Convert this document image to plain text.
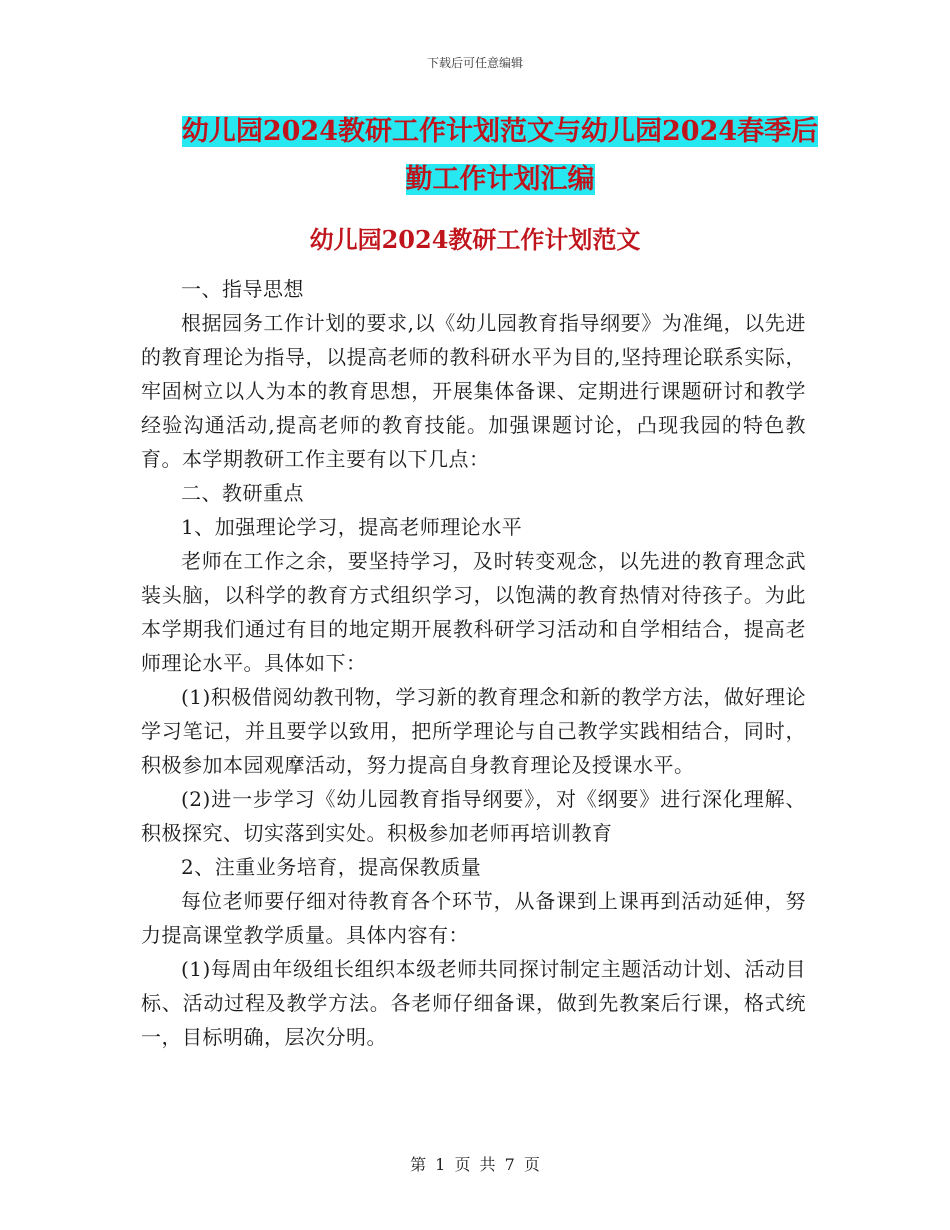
下载后可任意编辑
幼儿园2024教研工作计划范文与幼儿园2024春季后
勤工作计划汇编
幼儿园2024教研工作计划范文

一、指导思想

根据园务工作计划的要求,以《幼儿园教育指导纲要》为准绳，以先进的教育理论为指导，以提高老师的教科研水平为目的,坚持理论联系实际，牢固树立以人为本的教育思想，开展集体备课、定期进行课题研讨和教学经验沟通活动,提高老师的教育技能。加强课题讨论，凸现我园的特色教育。本学期教研工作主要有以下几点：

二、教研重点

1、加强理论学习，提高老师理论水平

老师在工作之余，要坚持学习，及时转变观念，以先进的教育理念武装头脑，以科学的教育方式组织学习，以饱满的教育热情对待孩子。为此本学期我们通过有目的地定期开展教科研学习活动和自学相结合，提高老师理论水平。具体如下：

(1)积极借阅幼教刊物，学习新的教育理念和新的教学方法，做好理论学习笔记，并且要学以致用，把所学理论与自己教学实践相结合，同时，积极参加本园观摩活动，努力提高自身教育理论及授课水平。

(2)进一步学习《幼儿园教育指导纲要》，对《纲要》进行深化理解、积极探究、切实落到实处。积极参加老师再培训教育

2、注重业务培育，提高保教质量

每位老师要仔细对待教育各个环节，从备课到上课再到活动延伸，努力提高课堂教学质量。具体内容有：

(1)每周由年级组长组织本级老师共同探讨制定主题活动计划、活动目标、活动过程及教学方法。各老师仔细备课，做到先教案后行课，格式统一，目标明确，层次分明。

第 1 页 共 7 页
